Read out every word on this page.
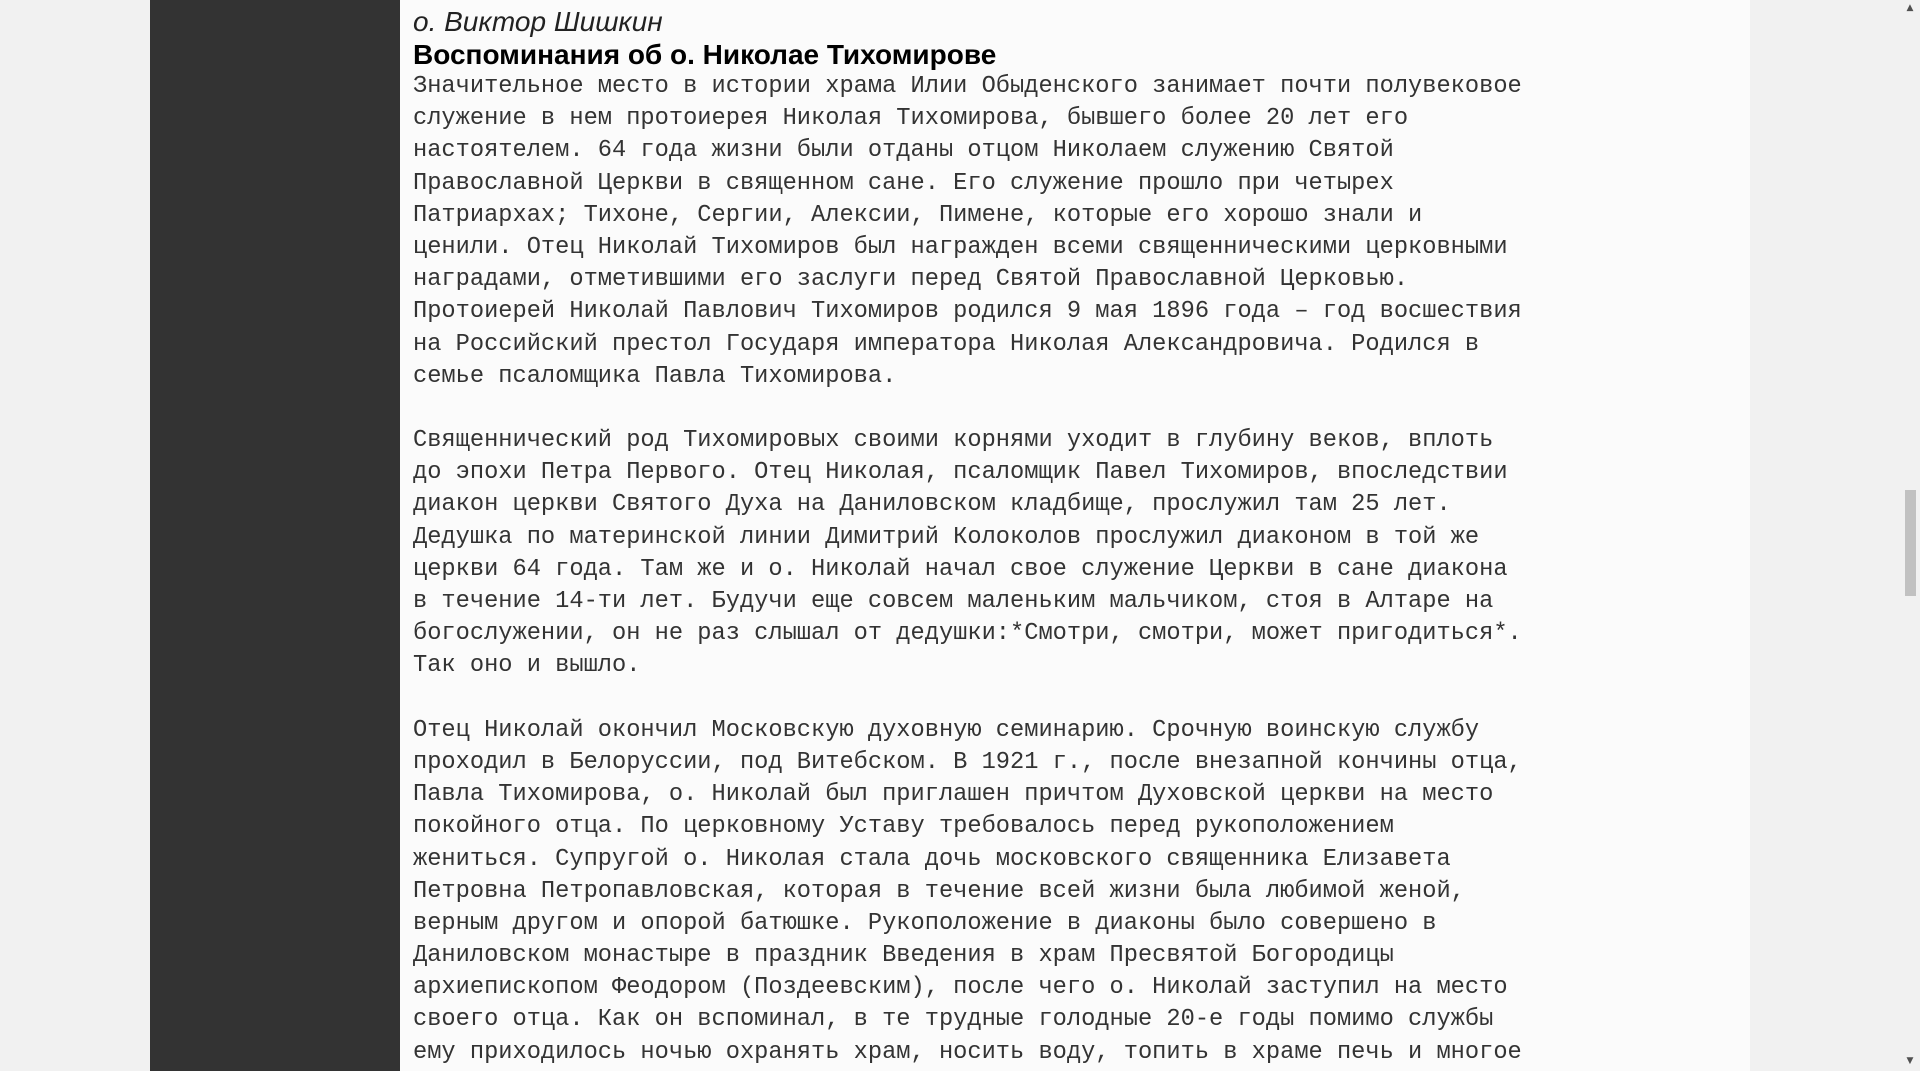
о. Виктор Шишкин

Воспоминания об о. Николае Тихомирове
Значительное место в истории храма Илии Обыденского занимает почти полувековое
служение в нем протоиерея Николая Тихомирова, бывшего более 20 лет его
настоятелем. 64 года жизни были отданы отцом Николаем служению Святой
Православной Церкви в священном сане. Его служение прошло при четырех
Патриархах; Тихоне, Сергии, Алексии, Пимене, которые его хорошо знали и
ценили. Отец Николай Тихомиров был награжден всеми священническими церковными
наградами, отметившими его заслуги перед Святой Православной Церковью.
Протоиерей Николай Павлович Тихомиров родился 9 мая 1896 года – год восшествия
на Российский престол Государя императора Николая Александровича. Родился в
семье псаломщика Павла Тихомирова.
Священнический род Тихомировых своими корнями уходит в глубину веков, вплоть
до эпохи Петра Первого. Отец Николая, псаломщик Павел Тихомиров, впоследствии
диакон церкви Святого Духа на Даниловском кладбище, прослужил там 25 лет.
Дедушка по материнской линии Димитрий Колоколов прослужил диаконом в той же
церкви 64 года. Там же и о. Николай начал свое служение Церкви в сане диакона
в течение 14-ти лет. Будучи еще совсем маленьким мальчиком, стоя в Алтаре на
богослужении, он не раз слышал от дедушки:*Смотри, смотри, может пригодиться*.
Так оно и вышло.
Отец Николай окончил Московскую духовную семинарию. Срочную воинскую службу
проходил в Белоруссии, под Витебском. В 1921 г., после внезапной кончины отца,
Павла Тихомирова, о. Николай был приглашен причтом Духовской церкви на место
покойного отца. По церковному Уставу требовалось перед рукоположением
жениться. Супругой о. Николая стала дочь московского священника Елизавета
Петровна Петропавловская, которая в течение всей жизни была любимой женой,
верным другом и опорой батюшке. Рукоположение в диаконы было совершено в
Даниловском монастыре в праздник Введения в храм Пресвятой Богородицы
архиепископом Феодором (Поздеевским), после чего о. Николай заступил на место
своего отца. Как он вспоминал, в те трудные голодные 20-е годы помимо службы
ему приходилось ночью охранять храм, носить воду, топить в храме печь и многое
▲
▼
